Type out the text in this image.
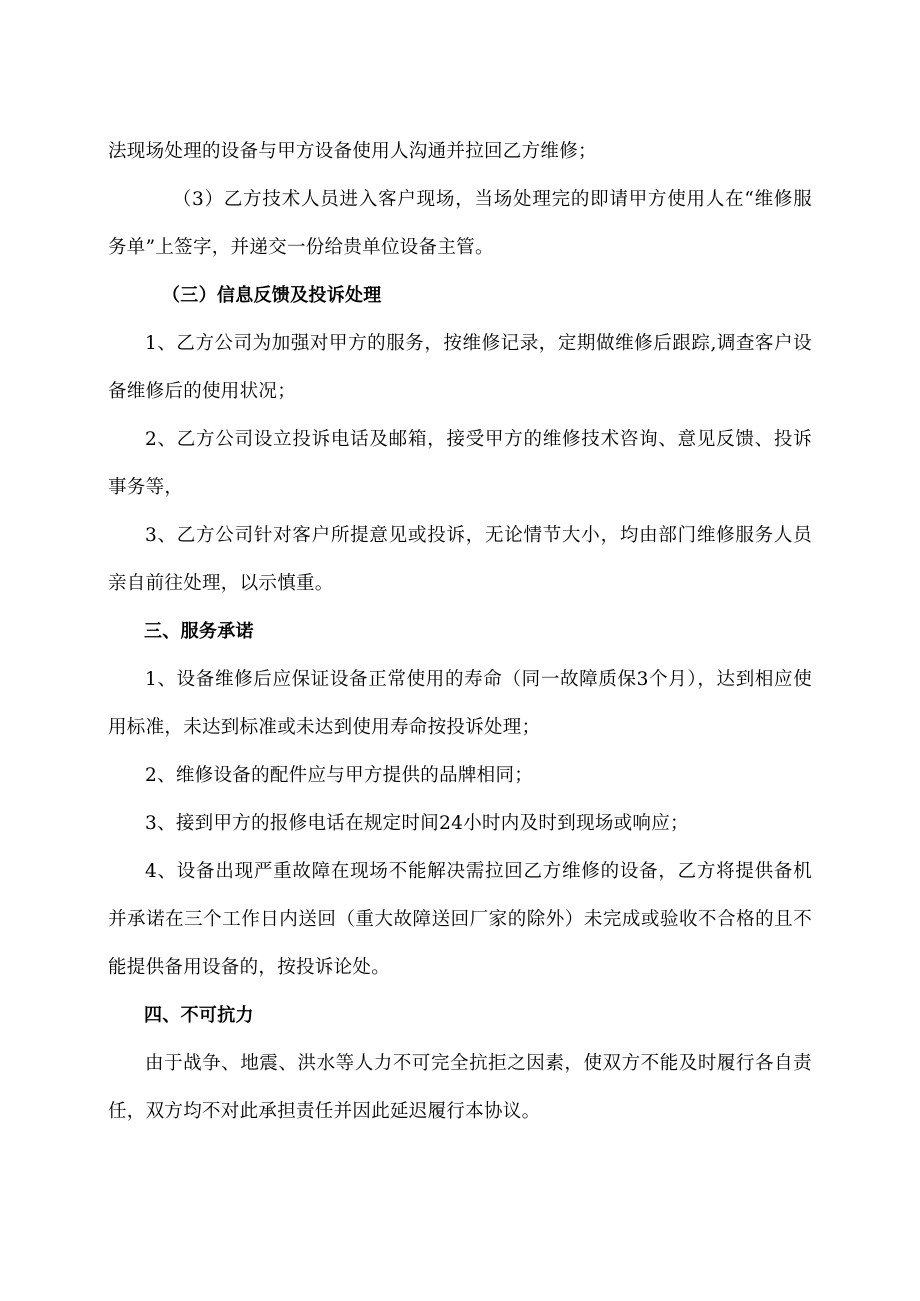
法现场处理的设备与甲方设备使用人沟通并拉回乙方维修；

（3）乙方技术人员进入客户现场，当场处理完的即请甲方使用人在“维修服务单”上签字，并递交一份给贵单位设备主管。

（三）信息反馈及投诉处理

1、乙方公司为加强对甲方的服务，按维修记录，定期做维修后跟踪,调查客户设备维修后的使用状况；

2、乙方公司设立投诉电话及邮箱，接受甲方的维修技术咨询、意见反馈、投诉事务等，

3、乙方公司针对客户所提意见或投诉，无论情节大小，均由部门维修服务人员亲自前往处理，以示慎重。

三、服务承诺

1、设备维修后应保证设备正常使用的寿命（同一故障质保3个月），达到相应使用标准，未达到标准或未达到使用寿命按投诉处理；

2、维修设备的配件应与甲方提供的品牌相同；

3、接到甲方的报修电话在规定时间24小时内及时到现场或响应；

4、设备出现严重故障在现场不能解决需拉回乙方维修的设备，乙方将提供备机并承诺在三个工作日内送回（重大故障送回厂家的除外）未完成或验收不合格的且不能提供备用设备的，按投诉论处。

四、不可抗力

由于战争、地震、洪水等人力不可完全抗拒之因素，使双方不能及时履行各自责任，双方均不对此承担责任并因此延迟履行本协议。
